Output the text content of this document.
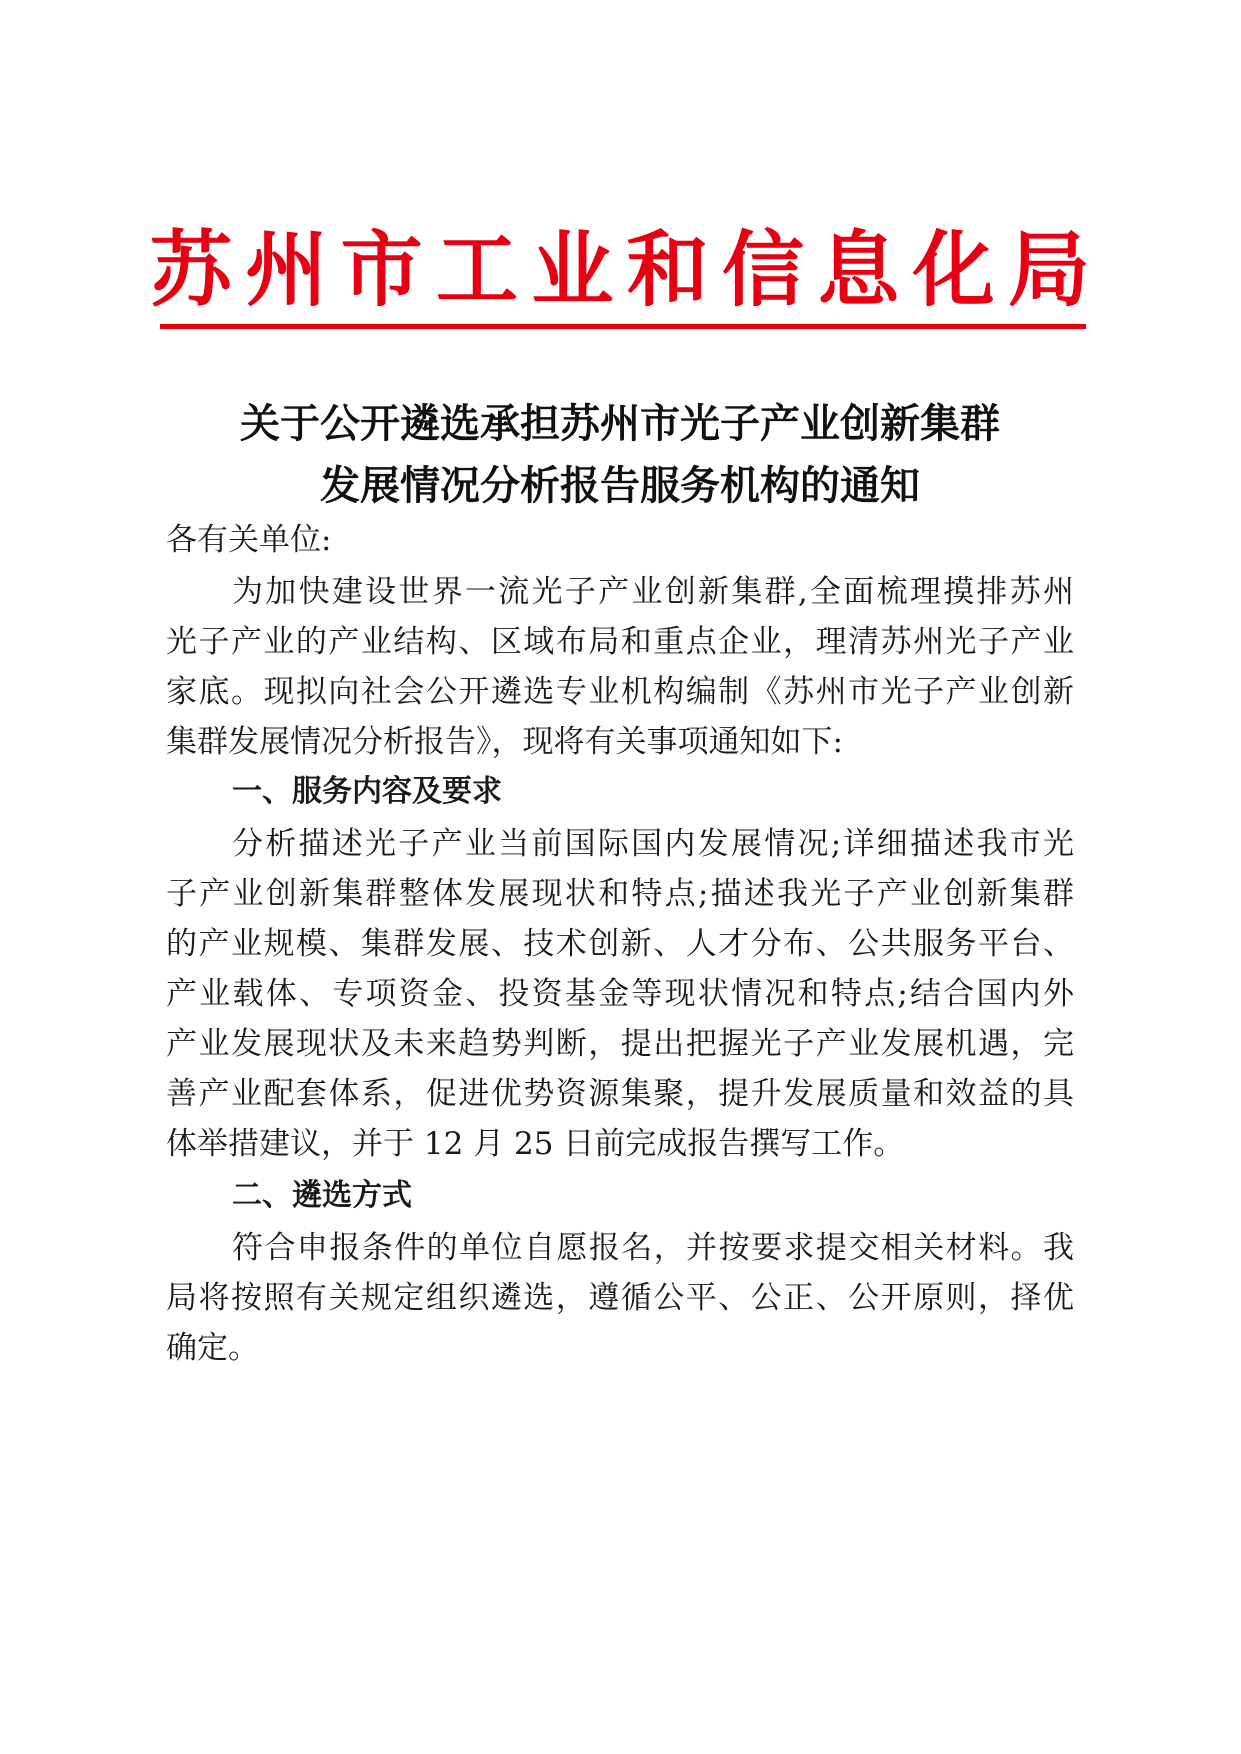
苏州市工业和信息化局
关于公开遴选承担苏州市光子产业创新集群
发展情况分析报告服务机构的通知
各有关单位:
为加快建设世界一流光子产业创新集群,全面梳理摸排苏州
光子产业的产业结构、区域布局和重点企业，理清苏州光子产业
家底。现拟向社会公开遴选专业机构编制《苏州市光子产业创新
集群发展情况分析报告》，现将有关事项通知如下:
一、服务内容及要求
分析描述光子产业当前国际国内发展情况;详细描述我市光
子产业创新集群整体发展现状和特点;描述我光子产业创新集群
的产业规模、集群发展、技术创新、人才分布、公共服务平台、
产业载体、专项资金、投资基金等现状情况和特点;结合国内外
产业发展现状及未来趋势判断，提出把握光子产业发展机遇，完
善产业配套体系，促进优势资源集聚，提升发展质量和效益的具
体举措建议，并于 12 月 25 日前完成报告撰写工作。
二、遴选方式
符合申报条件的单位自愿报名，并按要求提交相关材料。我
局将按照有关规定组织遴选，遵循公平、公正、公开原则，择优
确定。
